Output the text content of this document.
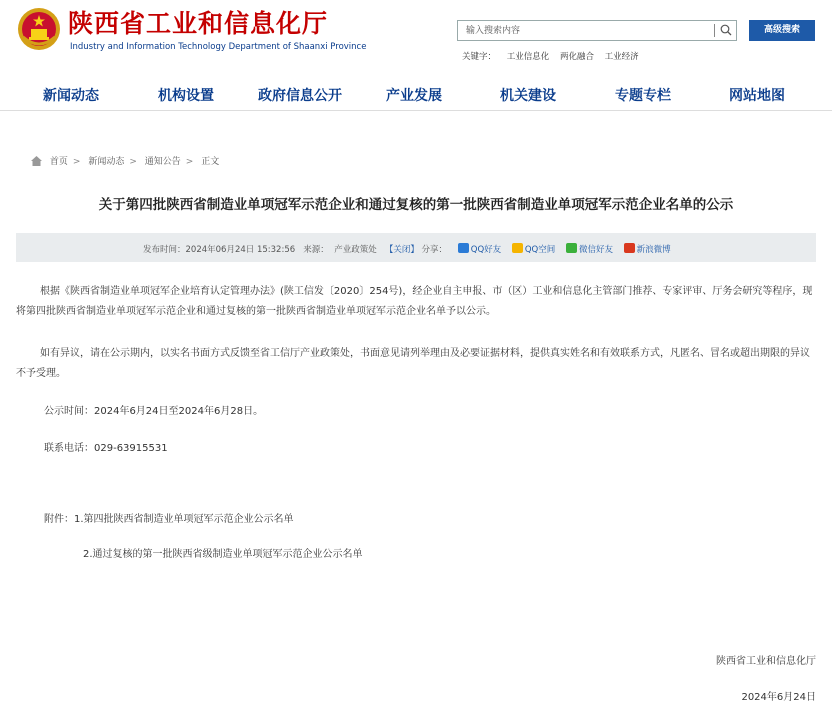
陕西省工业和信息化厅
Industry and Information Technology Department of Shaanxi Province
输入搜索内容
高级搜索
关键字： 工业信息化 两化融合 工业经济
新闻动态	机构设置	政府信息公开	产业发展	机关建设	专题专栏	网站地图
首页 > 新闻动态 > 通知公告 > 正文
关于第四批陕西省制造业单项冠军示范企业和通过复核的第一批陕西省制造业单项冠军示范企业名单的公示
发布时间：2024年06月24日 15:32:56 来源： 产业政策处 【关闭】 分享：	QQ好友	QQ空间	微信好友	新浪微博
根据《陕西省制造业单项冠军企业培育认定管理办法》(陕工信发〔2020〕254号)，经企业自主申报、市（区）工业和信息化主管部门推荐、专家评审、厅务会研究等程序，现将第四批陕西省制造业单项冠军示范企业和通过复核的第一批陕西省制造业单项冠军示范企业名单予以公示。
如有异议，请在公示期内，以实名书面方式反馈至省工信厅产业政策处，书面意见请列举理由及必要证据材料，提供真实姓名和有效联系方式，凡匿名、冒名或超出期限的异议不予受理。
公示时间：2024年6月24日至2024年6月28日。
联系电话：029-63915531
附件：1.第四批陕西省制造业单项冠军示范企业公示名单
2.通过复核的第一批陕西省级制造业单项冠军示范企业公示名单
陕西省工业和信息化厅
2024年6月24日
